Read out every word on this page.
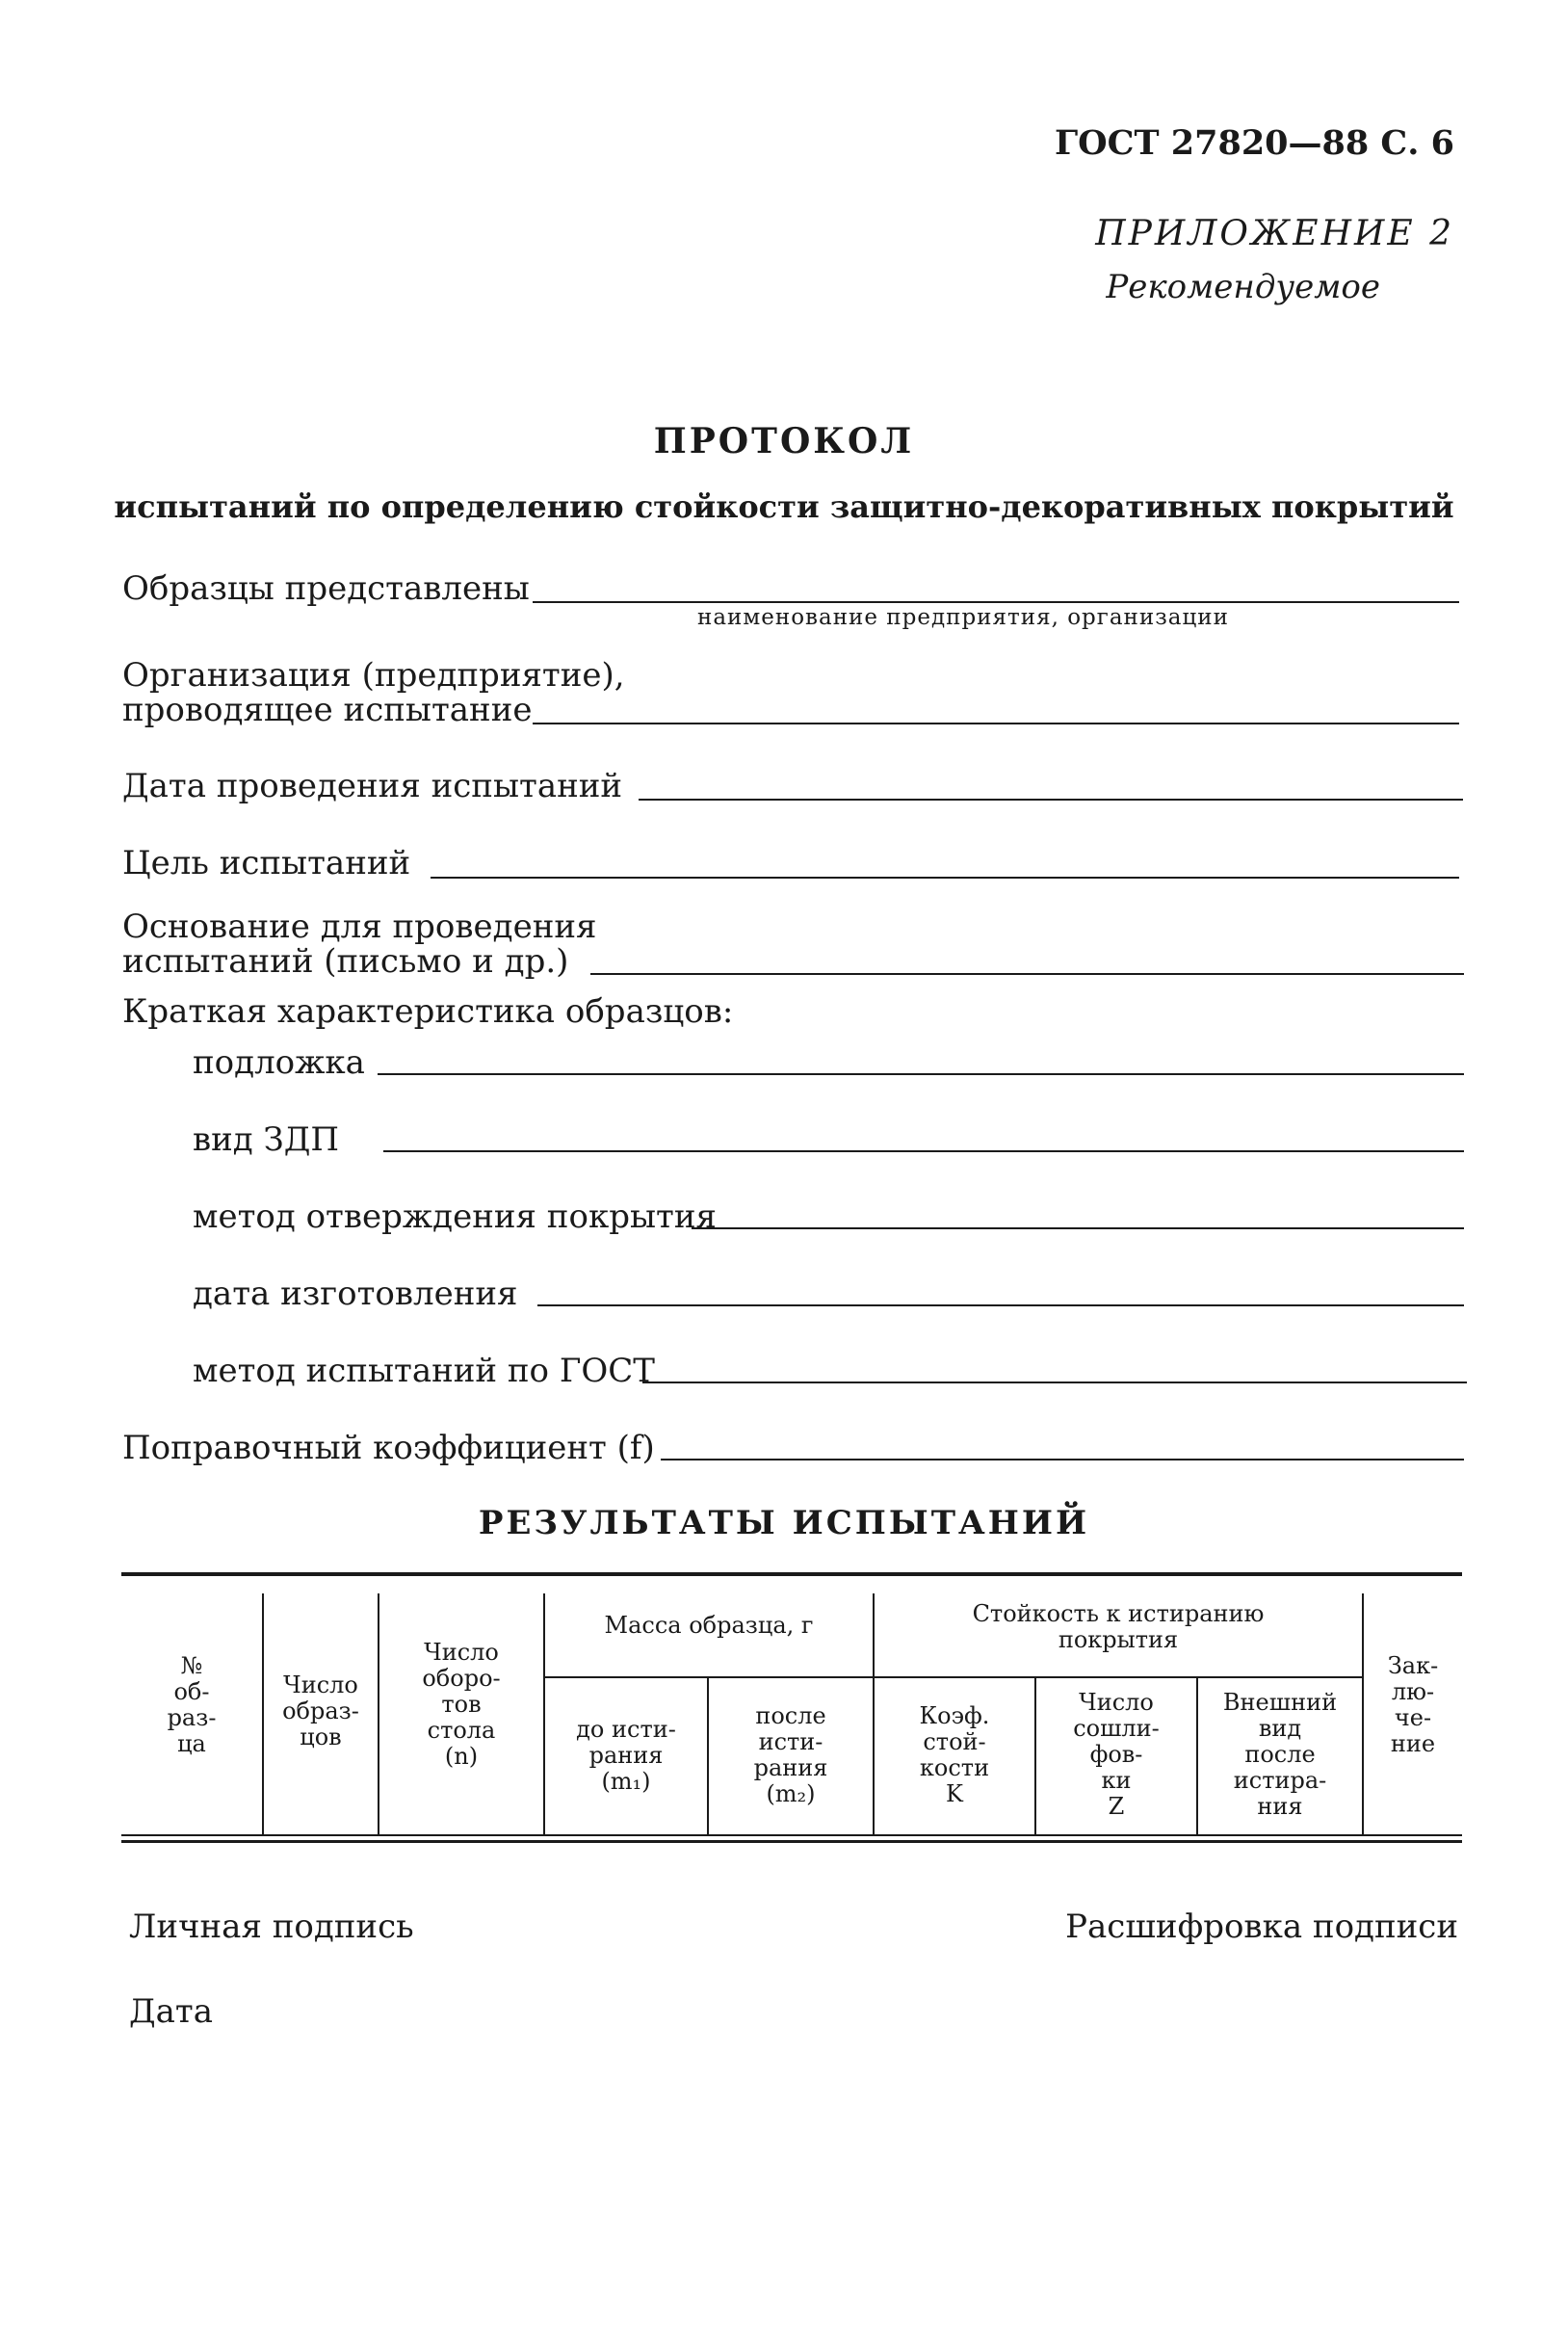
ГОСТ 27820—88 С. 6
ПРИЛОЖЕНИЕ 2
Рекомендуемое
ПРОТОКОЛ
испытаний по определению стойкости защитно-декоративных покрытий
Образцы представлены
наименование предприятия, организации
Организация (предприятие),
проводящее испытание
Дата проведения испытаний
Цель испытаний
Основание для проведения
испытаний (письмо и др.)
Краткая характеристика образцов:
подложка
вид ЗДП
метод отверждения покрытия
дата изготовления
метод испытаний по ГОСТ
Поправочный коэффициент (f)
РЕЗУЛЬТАТЫ ИСПЫТАНИЙ
№
об-
раз-
ца
Число
образ-
цов
Число
oборо-
тов
стола
(n)
Масса образца, г
до исти-
рания
(m₁)
после
исти-
рания
(m₂)
Стойкость к истиранию
покрытия
Коэф.
стой-
кости
K
Число
сошли-
фов-
ки
Z
Внешний
вид
после
истира-
ния
Зак-
лю-
че-
ние
Личная подпись	Расшифровка подписи
Дата
